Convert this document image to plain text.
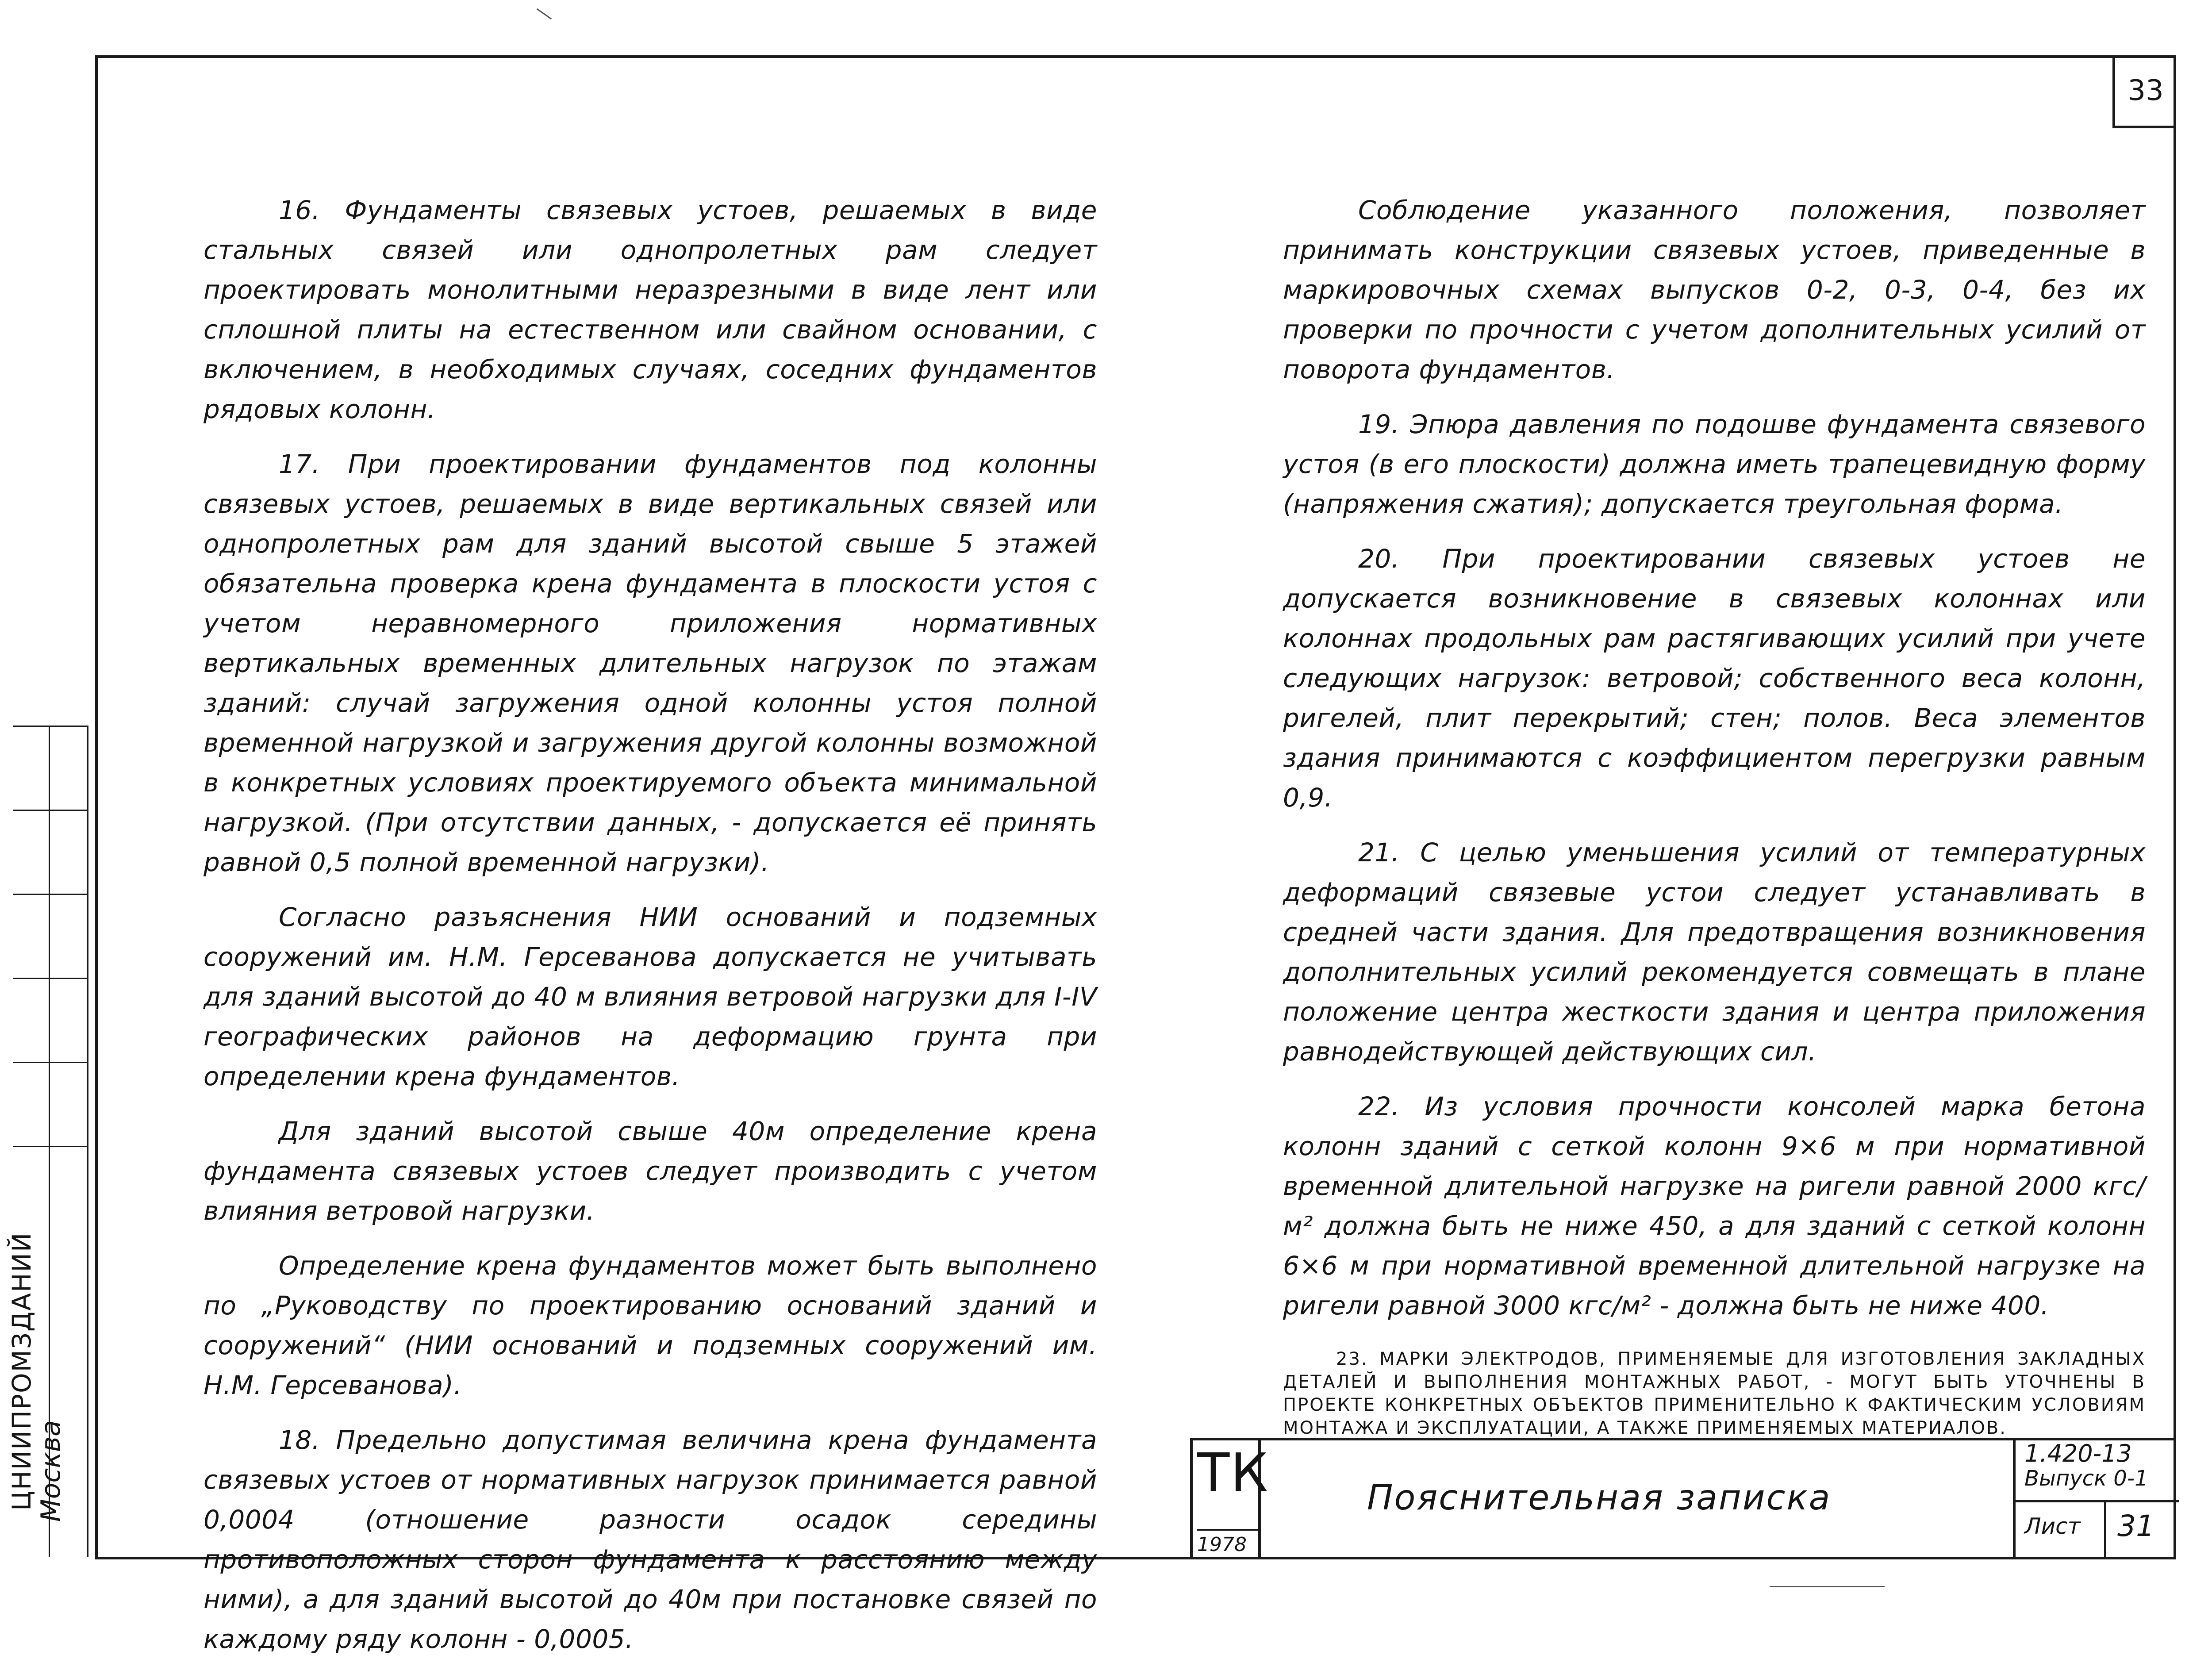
33

16. Фундаменты связевых устоев, решаемых в виде стальных связей или однопролетных рам следует проектировать монолитными неразрезными в виде лент или сплошной плиты на естественном или свайном основании, с включением, в необходимых случаях, соседних фундаментов рядовых колонн.

17. При проектировании фундаментов под колонны связевых устоев, решаемых в виде вертикальных связей или однопролетных рам для зданий высотой свыше 5 этажей обязательна проверка крена фундамента в плоскости устоя с учетом неравномерного приложения нормативных вертикальных временных длительных нагрузок по этажам зданий: случай загружения одной колонны устоя полной временной нагрузкой и загружения другой колонны возможной в конкретных условиях проектируемого объекта минимальной нагрузкой. (При отсутствии данных, - допускается её принять равной 0,5 полной временной нагрузки).

Согласно разъяснения НИИ оснований и подземных сооружений им. Н.М. Герсеванова допускается не учитывать для зданий высотой до 40 м влияния ветровой нагрузки для I-IV географических районов на деформацию грунта при определении крена фундаментов.

Для зданий высотой свыше 40м определение крена фундамента связевых устоев следует производить с учетом влияния ветровой нагрузки.

Определение крена фундаментов может быть выполнено по „Руководству по проектированию оснований зданий и сооружений“ (НИИ оснований и подземных сооружений им. Н.М. Герсеванова).

18. Предельно допустимая величина крена фундамента связевых устоев от нормативных нагрузок принимается равной 0,0004 (отношение разности осадок середины противоположных сторон фундамента к расстоянию между ними), а для зданий высотой до 40м при постановке связей по каждому ряду колонн - 0,0005.

Соблюдение указанного положения, позволяет принимать конструкции связевых устоев, приведенные в маркировочных схемах выпусков 0-2, 0-3, 0-4, без их проверки по прочности с учетом дополнительных усилий от поворота фундаментов.

19. Эпюра давления по подошве фундамента связевого устоя (в его плоскости) должна иметь трапецевидную форму (напряжения сжатия); допускается треугольная форма.

20. При проектировании связевых устоев не допускается возникновение в связевых колоннах или колоннах продольных рам растягивающих усилий при учете следующих нагрузок: ветровой; собственного веса колонн, ригелей, плит перекрытий; стен; полов. Веса элементов здания принимаются с коэффициентом перегрузки равным 0,9.

21. С целью уменьшения усилий от температурных деформаций связевые устои следует устанавливать в средней части здания. Для предотвращения возникновения дополнительных усилий рекомендуется совмещать в плане положение центра жесткости здания и центра приложения равнодействующей действующих сил.

22. Из условия прочности консолей марка бетона колонн зданий с сеткой колонн 9×6 м при нормативной временной длительной нагрузке на ригели равной 2000 кгс/м² должна быть не ниже 450, а для зданий с сеткой колонн 6×6 м при нормативной временной длительной нагрузке на ригели равной 3000 кгс/м² - должна быть не ниже 400.

23. МАРКИ ЭЛЕКТРОДОВ, ПРИМЕНЯЕМЫЕ ДЛЯ ИЗГОТОВЛЕНИЯ ЗАКЛАДНЫХ ДЕТАЛЕЙ И ВЫПОЛНЕНИЯ МОНТАЖНЫХ РАБОТ, - МОГУТ БЫТЬ УТОЧНЕНЫ В ПРОЕКТЕ КОНКРЕТНЫХ ОБЪЕКТОВ ПРИМЕНИТЕЛЬНО К ФАКТИЧЕСКИМ УСЛОВИЯМ МОНТАЖА И ЭКСПЛУАТАЦИИ, А ТАКЖЕ ПРИМЕНЯЕМЫХ МАТЕРИАЛОВ.

ЦНИИПРОМЗДАНИЙ
Москва	ТК
1978
Пояснительная записка
1.420-13
Выпуск 0-1
Лист	31
